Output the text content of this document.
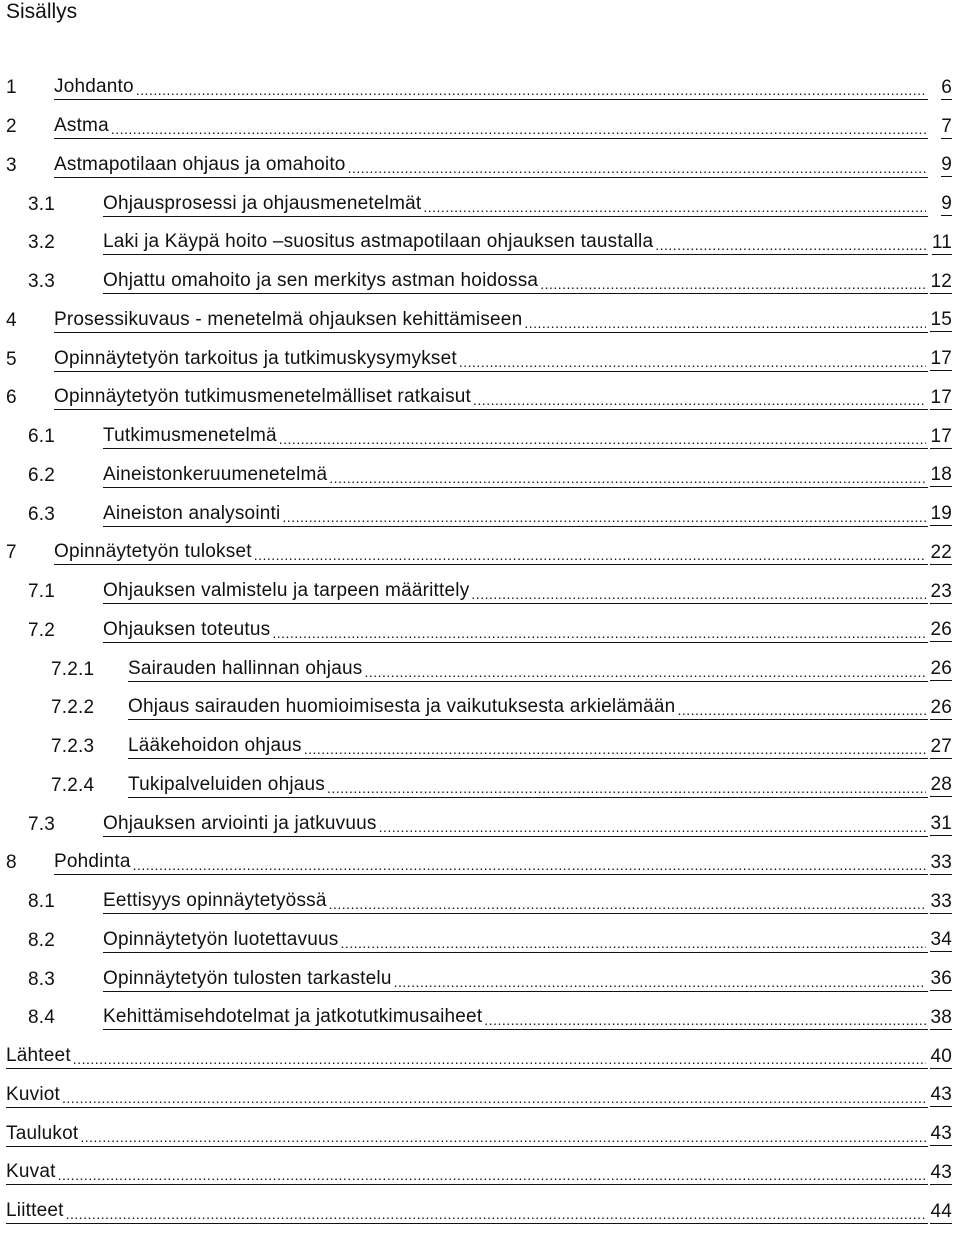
Sisällys
1 Johdanto .....	6
2 Astma .....	7
3 Astmapotilaan ohjaus ja omahoito .....	9
3.1	Ohjausprosessi ja ohjausmenetelmät .....	9
3.2	Laki ja Käypä hoito –suositus astmapotilaan ohjauksen taustalla .....	11
3.3	Ohjattu omahoito ja sen merkitys astman hoidossa .....	12
4 Prosessikuvaus - menetelmä ohjauksen kehittämiseen .....	15
5 Opinnäytetyön tarkoitus ja tutkimuskysymykset .....	17
6 Opinnäytetyön tutkimusmenetelmälliset ratkaisut .....	17
6.1	Tutkimusmenetelmä .....	17
6.2	Aineistonkeruumenetelmä .....	18
6.3	Aineiston analysointi .....	19
7 Opinnäytetyön tulokset .....	22
7.1	Ohjauksen valmistelu ja tarpeen määrittely .....	23
7.2	Ohjauksen toteutus .....	26
7.2.1 Sairauden hallinnan ohjaus .....	26
7.2.2 Ohjaus sairauden huomioimisesta ja vaikutuksesta arkielämään .....	26
7.2.3 Lääkehoidon ohjaus .....	27
7.2.4 Tukipalveluiden ohjaus .....	28
7.3	Ohjauksen arviointi ja jatkuvuus .....	31
8 Pohdinta .....	33
8.1	Eettisyys opinnäytetyössä .....	33
8.2	Opinnäytetyön luotettavuus .....	34
8.3	Opinnäytetyön tulosten tarkastelu .....	36
8.4	Kehittämisehdotelmat ja jatkotutkimusaiheet .....	38
Lähteet .....	40
Kuviot .....	43
Taulukot .....	43
Kuvat .....	43
Liitteet .....	44
